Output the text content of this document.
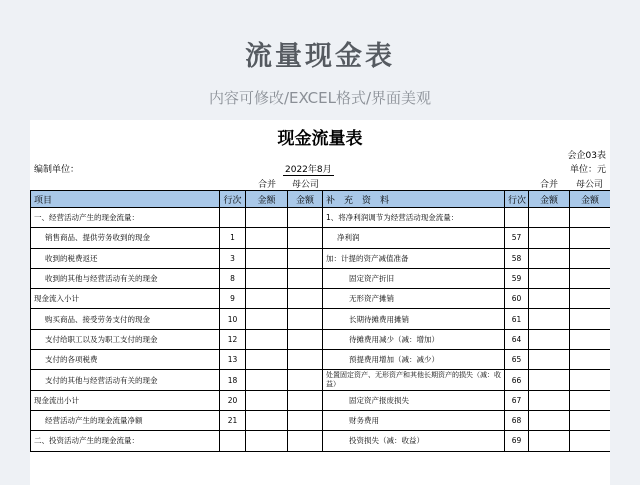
流量现金表
内容可修改/EXCEL格式/界面美观
现金流量表
会企03表
编制单位：	2022年8月	单位：元
合并 母公司	合并 母公司
项目	行次	金额	金额	补　充　资　料	行次	金额	金额
一、经营活动产生的现金流量：				1、将净利润调节为经营活动现金流量：			
销售商品、提供劳务收到的现金	1			净利润	57		
收到的税费返还	3			加：计提的资产减值准备	58		
收到的其他与经营活动有关的现金	8			固定资产折旧	59		
现金流入小计	9			无形资产摊销	60		
购买商品、接受劳务支付的现金	10			长期待摊费用摊销	61		
支付给职工以及为职工支付的现金	12			待摊费用减少（减：增加）	64		
支付的各项税费	13			预提费用增加（减：减少）	65		
支付的其他与经营活动有关的现金	18			处置固定资产、无形资产和其他长期资产的损失（减：收益）	66		
现金流出小计	20			固定资产报废损失	67		
经营活动产生的现金流量净额	21			财务费用	68		
二、投资活动产生的现金流量：				投资损失（减：收益）	69		
